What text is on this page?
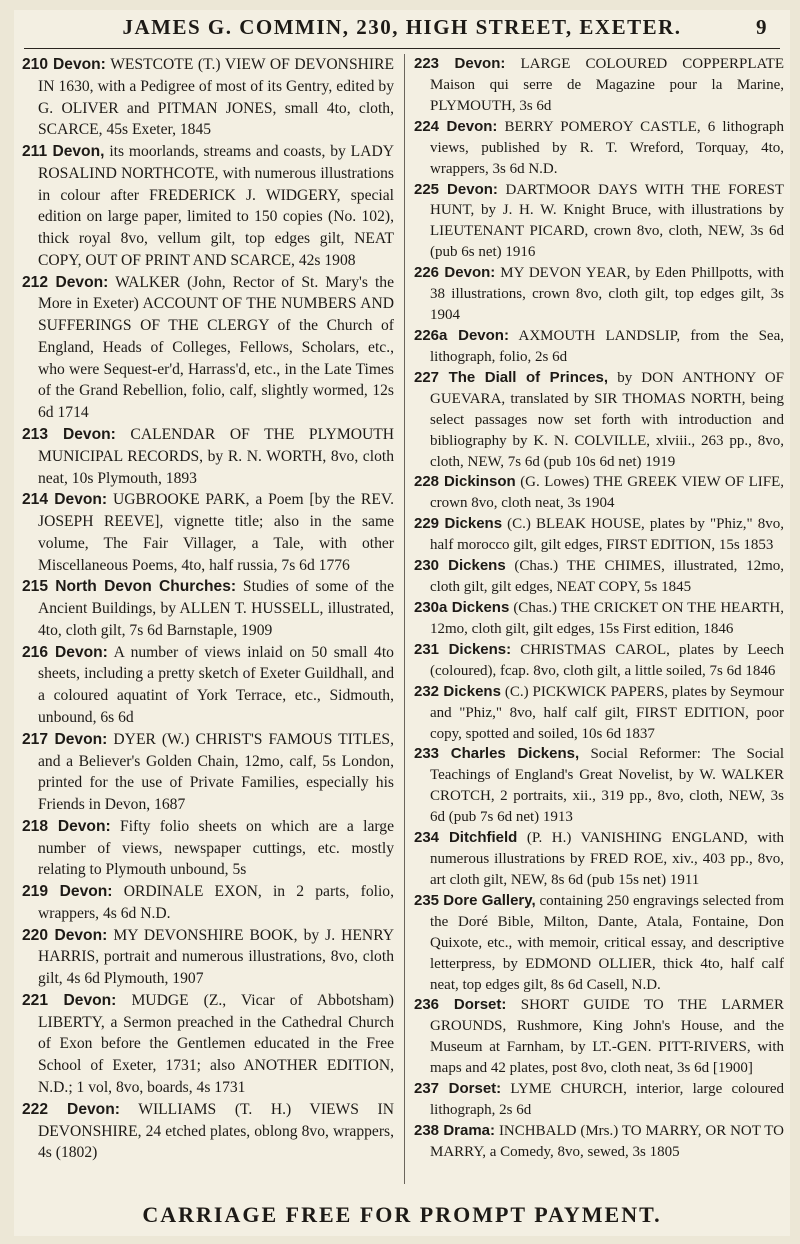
JAMES G. COMMIN, 230, HIGH STREET, EXETER.	9
210 Devon: WESTCOTE (T.) VIEW OF DEVONSHIRE IN 1630, with a Pedigree of most of its Gentry, edited by G. OLIVER and PITMAN JONES, small 4to, cloth, SCARCE, 45s Exeter, 1845
211 Devon, its moorlands, streams and coasts, by LADY ROSALIND NORTHCOTE, with numerous illustrations in colour after FREDERICK J. WIDGERY, special edition on large paper, limited to 150 copies (No. 102), thick royal 8vo, vellum gilt, top edges gilt, NEAT COPY, OUT OF PRINT AND SCARCE, 42s 1908
212 Devon: WALKER (John, Rector of St. Mary's the More in Exeter) ACCOUNT OF THE NUMBERS AND SUFFERINGS OF THE CLERGY of the Church of England, Heads of Colleges, Fellows, Scholars, etc., who were Sequest-er'd, Harrass'd, etc., in the Late Times of the Grand Rebellion, folio, calf, slightly wormed, 12s 6d 1714
213 Devon: CALENDAR OF THE PLYMOUTH MUNICIPAL RECORDS, by R. N. WORTH, 8vo, cloth neat, 10s Plymouth, 1893
214 Devon: UGBROOKE PARK, a Poem [by the REV. JOSEPH REEVE], vignette title; also in the same volume, The Fair Villager, a Tale, with other Miscellaneous Poems, 4to, half russia, 7s 6d 1776
215 North Devon Churches: Studies of some of the Ancient Buildings, by ALLEN T. HUSSELL, illustrated, 4to, cloth gilt, 7s 6d Barnstaple, 1909
216 Devon: A number of views inlaid on 50 small 4to sheets, including a pretty sketch of Exeter Guildhall, and a coloured aquatint of York Terrace, etc., Sidmouth, unbound, 6s 6d
217 Devon: DYER (W.) CHRIST'S FAMOUS TITLES, and a Believer's Golden Chain, 12mo, calf, 5s London, printed for the use of Private Families, especially his Friends in Devon, 1687
218 Devon: Fifty folio sheets on which are a large number of views, newspaper cuttings, etc. mostly relating to Plymouth unbound, 5s
219 Devon: ORDINALE EXON, in 2 parts, folio, wrappers, 4s 6d N.D.
220 Devon: MY DEVONSHIRE BOOK, by J. HENRY HARRIS, portrait and numerous illustrations, 8vo, cloth gilt, 4s 6d Plymouth, 1907
221 Devon: MUDGE (Z., Vicar of Abbotsham) LIBERTY, a Sermon preached in the Cathedral Church of Exon before the Gentlemen educated in the Free School of Exeter, 1731; also ANOTHER EDITION, N.D.; 1 vol, 8vo, boards, 4s 1731
222 Devon: WILLIAMS (T. H.) VIEWS IN DEVONSHIRE, 24 etched plates, oblong 8vo, wrappers, 4s (1802)
223 Devon: LARGE COLOURED COPPERPLATE Maison qui serre de Magazine pour la Marine, PLYMOUTH, 3s 6d
224 Devon: BERRY POMEROY CASTLE, 6 lithograph views, published by R. T. Wreford, Torquay, 4to, wrappers, 3s 6d N.D.
225 Devon: DARTMOOR DAYS WITH THE FOREST HUNT, by J. H. W. Knight Bruce, with illustrations by LIEUTENANT PICARD, crown 8vo, cloth, NEW, 3s 6d (pub 6s net) 1916
226 Devon: MY DEVON YEAR, by Eden Phillpotts, with 38 illustrations, crown 8vo, cloth gilt, top edges gilt, 3s 1904
226a Devon: AXMOUTH LANDSLIP, from the Sea, lithograph, folio, 2s 6d
227 The Diall of Princes, by DON ANTHONY OF GUEVARA, translated by SIR THOMAS NORTH, being select passages now set forth with introduction and bibliography by K. N. COLVILLE, xlviii., 263 pp., 8vo, cloth, NEW, 7s 6d (pub 10s 6d net) 1919
228 Dickinson (G. Lowes) THE GREEK VIEW OF LIFE, crown 8vo, cloth neat, 3s 1904
229 Dickens (C.) BLEAK HOUSE, plates by "Phiz," 8vo, half morocco gilt, gilt edges, FIRST EDITION, 15s 1853
230 Dickens (Chas.) THE CHIMES, illustrated, 12mo, cloth gilt, gilt edges, NEAT COPY, 5s 1845
230a Dickens (Chas.) THE CRICKET ON THE HEARTH, 12mo, cloth gilt, gilt edges, 15s First edition, 1846
231 Dickens: CHRISTMAS CAROL, plates by Leech (coloured), fcap. 8vo, cloth gilt, a little soiled, 7s 6d 1846
232 Dickens (C.) PICKWICK PAPERS, plates by Seymour and "Phiz," 8vo, half calf gilt, FIRST EDITION, poor copy, spotted and soiled, 10s 6d 1837
233 Charles Dickens, Social Reformer: The Social Teachings of England's Great Novelist, by W. WALKER CROTCH, 2 portraits, xii., 319 pp., 8vo, cloth, NEW, 3s 6d (pub 7s 6d net) 1913
234 Ditchfield (P. H.) VANISHING ENGLAND, with numerous illustrations by FRED ROE, xiv., 403 pp., 8vo, art cloth gilt, NEW, 8s 6d (pub 15s net) 1911
235 Dore Gallery, containing 250 engravings selected from the Doré Bible, Milton, Dante, Atala, Fontaine, Don Quixote, etc., with memoir, critical essay, and descriptive letterpress, by EDMOND OLLIER, thick 4to, half calf neat, top edges gilt, 8s 6d Casell, N.D.
236 Dorset: SHORT GUIDE TO THE LARMER GROUNDS, Rushmore, King John's House, and the Museum at Farnham, by LT.-GEN. PITT-RIVERS, with maps and 42 plates, post 8vo, cloth neat, 3s 6d [1900]
237 Dorset: LYME CHURCH, interior, large coloured lithograph, 2s 6d
238 Drama: INCHBALD (Mrs.) TO MARRY, OR NOT TO MARRY, a Comedy, 8vo, sewed, 3s 1805
CARRIAGE FREE FOR PROMPT PAYMENT.
